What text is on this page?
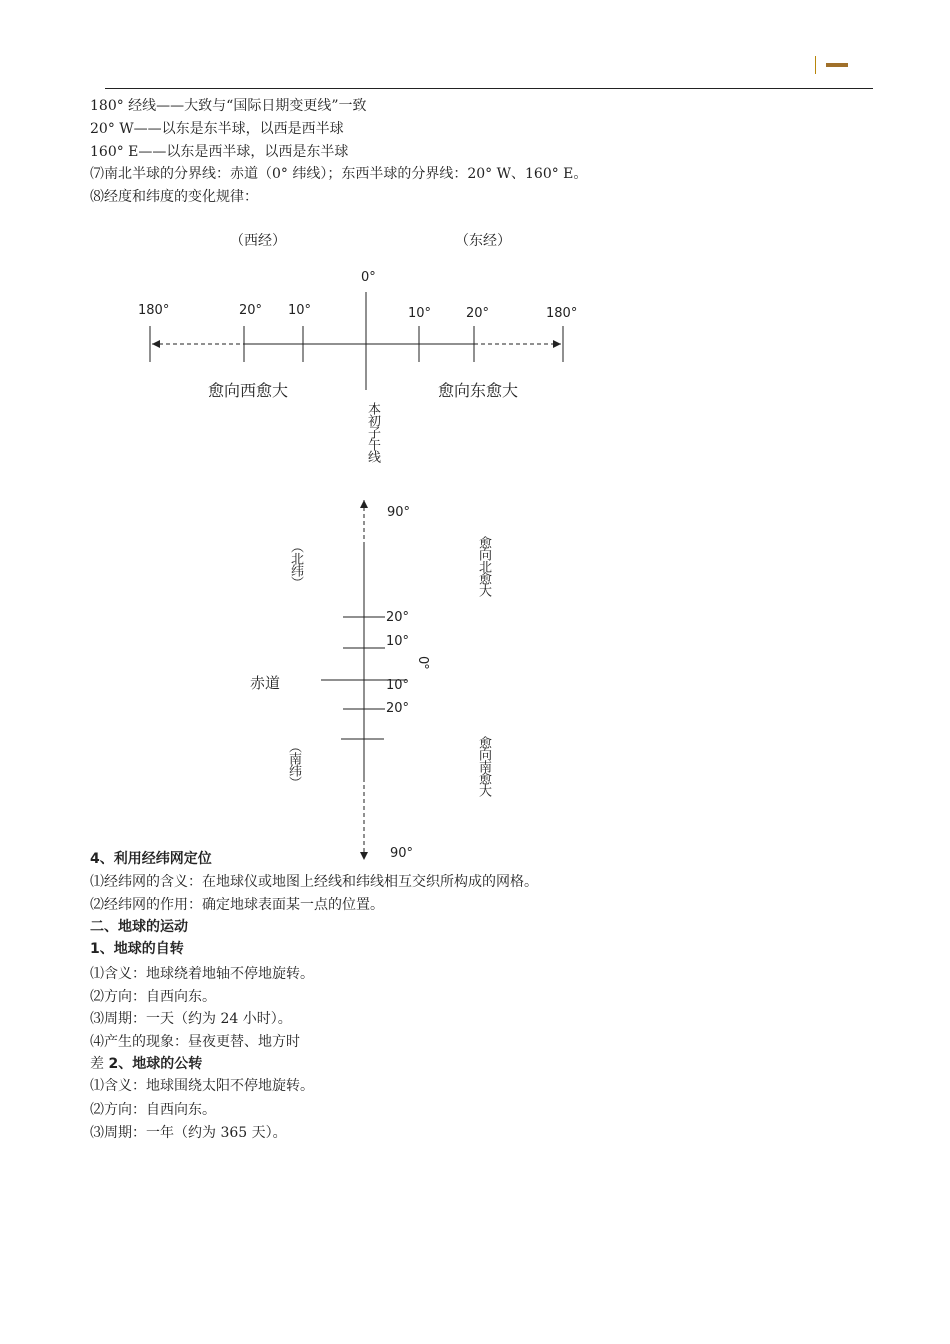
180° 经线——大致与“国际日期变更线”一致
20° W——以东是东半球，以西是西半球
160° E——以东是西半球，以西是东半球
⑺南北半球的分界线：赤道（0° 纬线）；东西半球的分界线：20° W、160° E。
⑻经度和纬度的变化规律：
（西经）	（东经）
0°
180°	20° 10°	10°	20°	180°
愈向西愈大	愈向东愈大
本初子午线
90°
（北纬）	愈向北愈大
20°
10°
0°
赤道	10°
20°
（南纬）	愈向南愈大
90°
4、利用经纬网定位
⑴经纬网的含义：在地球仪或地图上经线和纬线相互交织所构成的网格。
⑵经纬网的作用：确定地球表面某一点的位置。
二、地球的运动
1、地球的自转
⑴含义：地球绕着地轴不停地旋转。
⑵方向：自西向东。
⑶周期：一天（约为 24 小时）。
⑷产生的现象：昼夜更替、地方时
差 2、地球的公转
⑴含义：地球围绕太阳不停地旋转。
⑵方向：自西向东。
⑶周期：一年（约为 365 天）。
